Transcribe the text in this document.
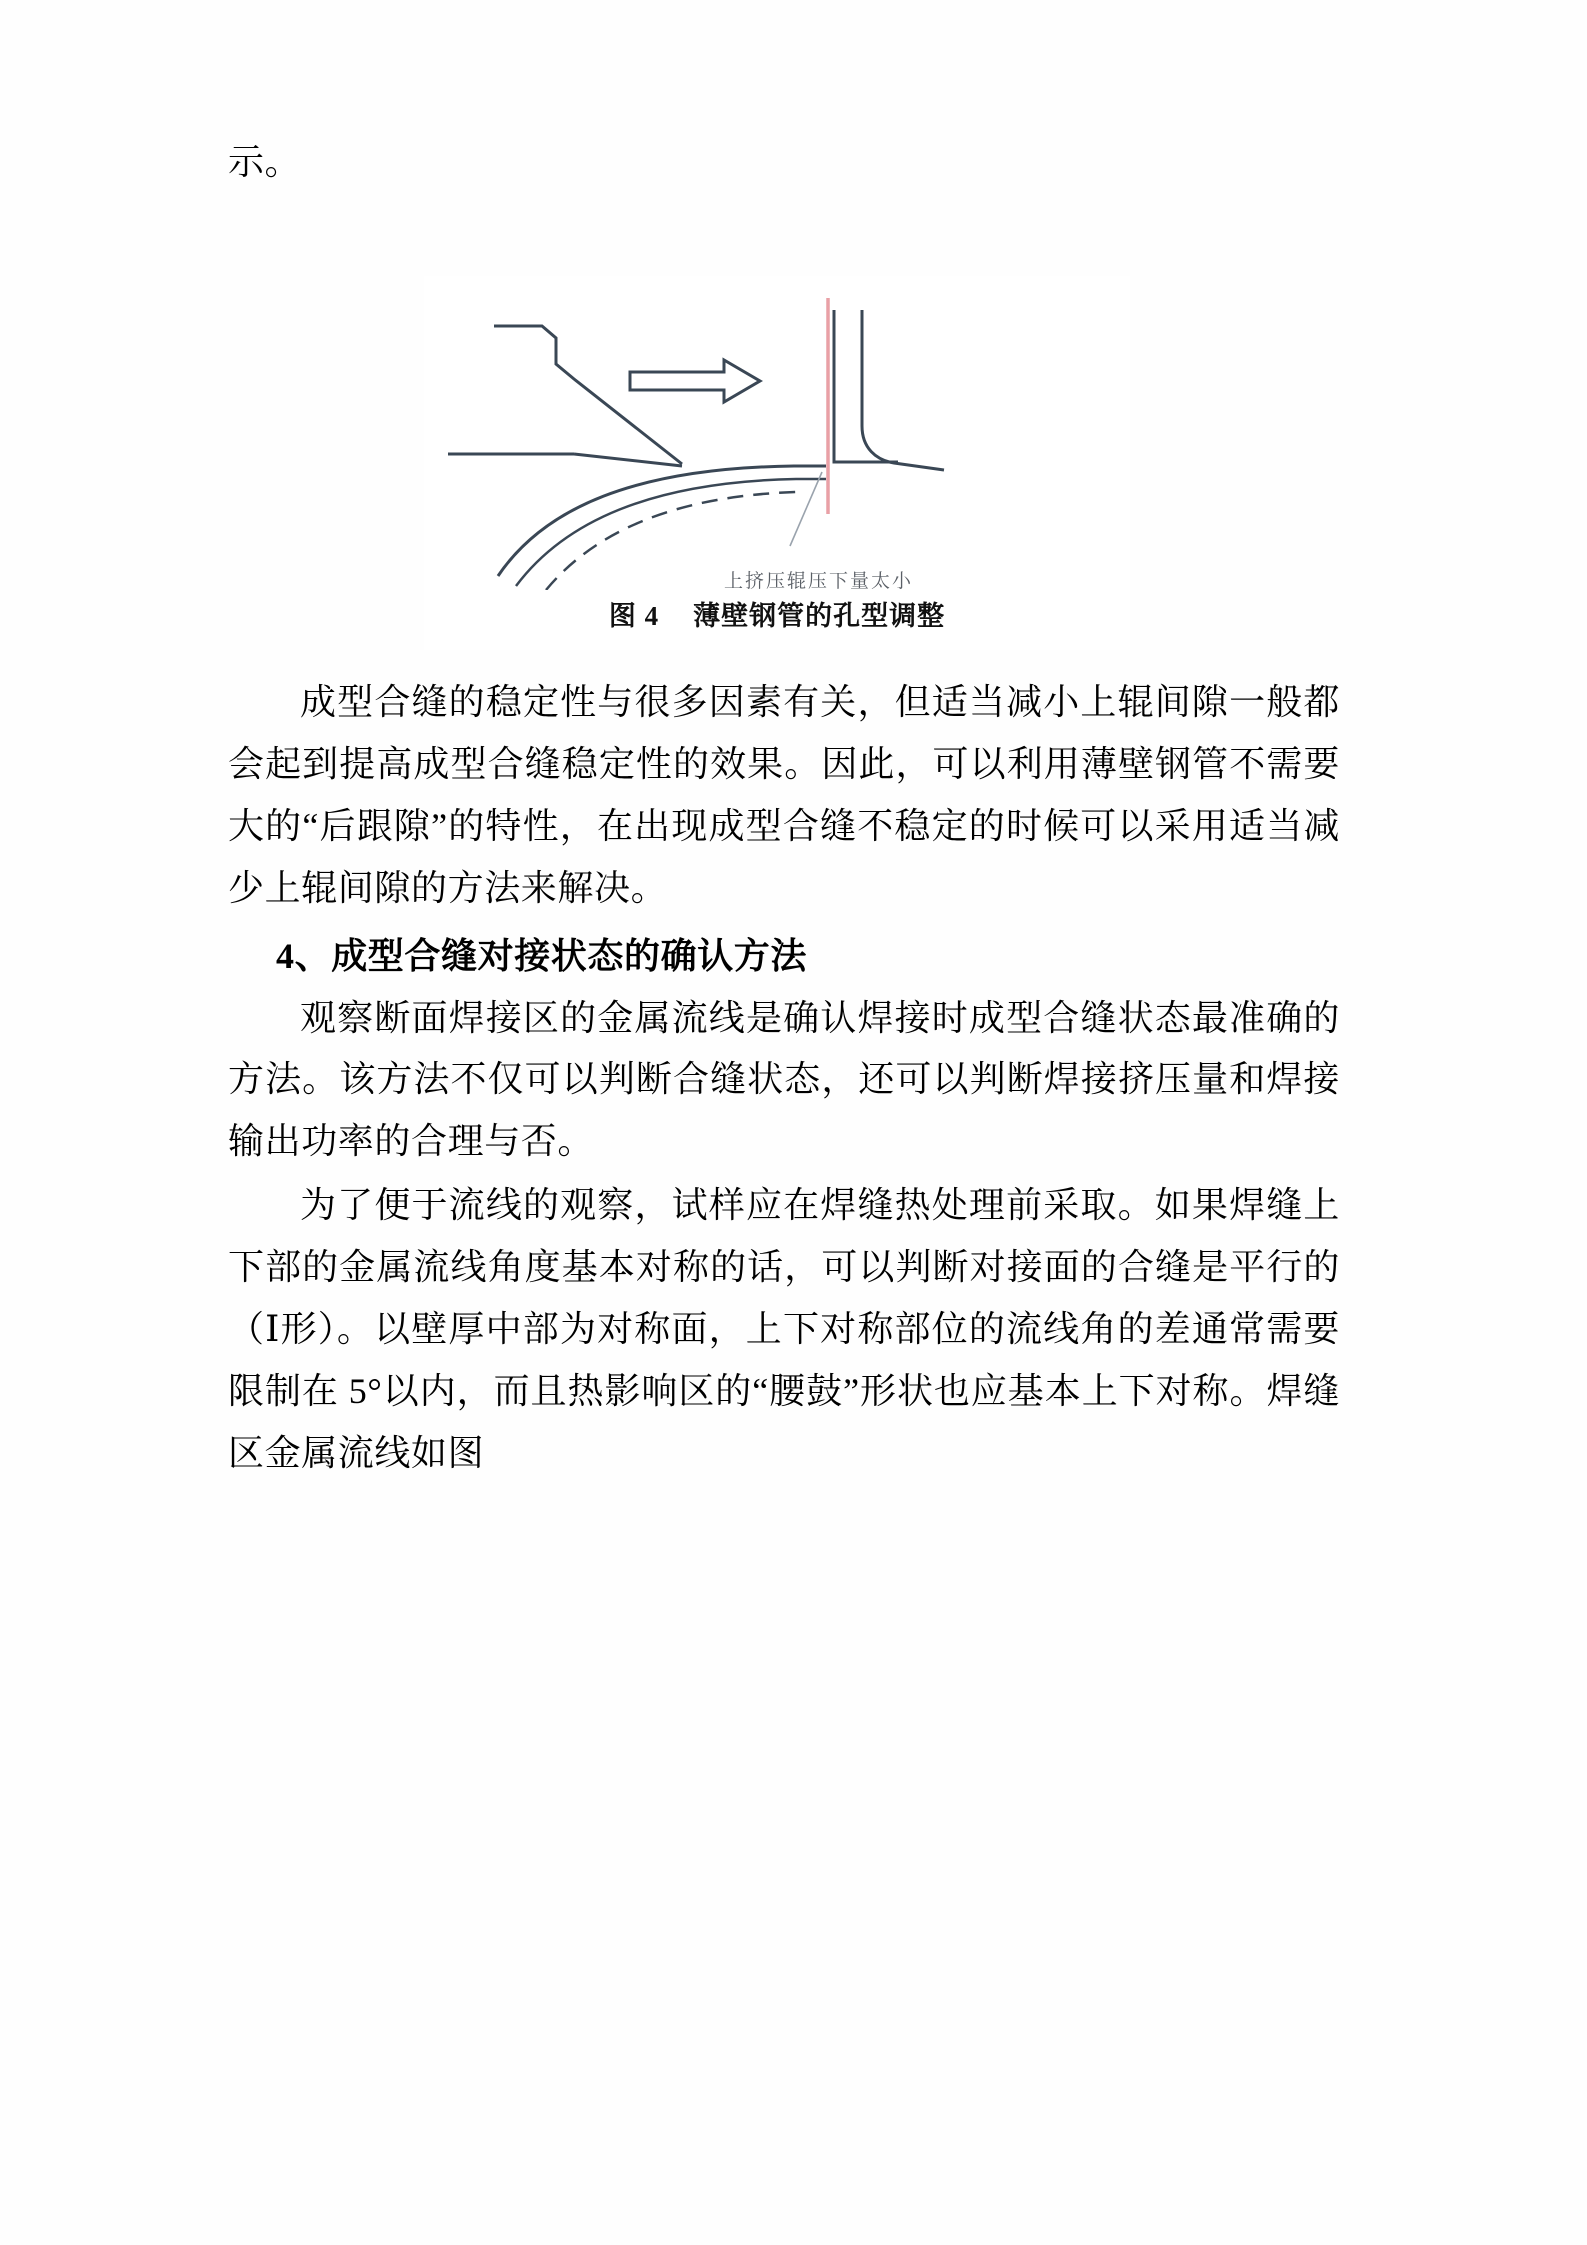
示。

上挤压辊压下量太小
图 4 薄壁钢管的孔型调整

成型合缝的稳定性与很多因素有关，但适当减小上辊间隙一般都会起到提高成型合缝稳定性的效果。因此，可以利用薄壁钢管不需要大的“后跟隙”的特性，在出现成型合缝不稳定的时候可以采用适当减少上辊间隙的方法来解决。

4、成型合缝对接状态的确认方法

观察断面焊接区的金属流线是确认焊接时成型合缝状态最准确的方法。该方法不仅可以判断合缝状态，还可以判断焊接挤压量和焊接输出功率的合理与否。

为了便于流线的观察，试样应在焊缝热处理前采取。如果焊缝上下部的金属流线角度基本对称的话，可以判断对接面的合缝是平行的（Ⅰ形）。以壁厚中部为对称面，上下对称部位的流线角的差通常需要限制在 5°以内，而且热影响区的“腰鼓”形状也应基本上下对称。焊缝区金属流线如图
